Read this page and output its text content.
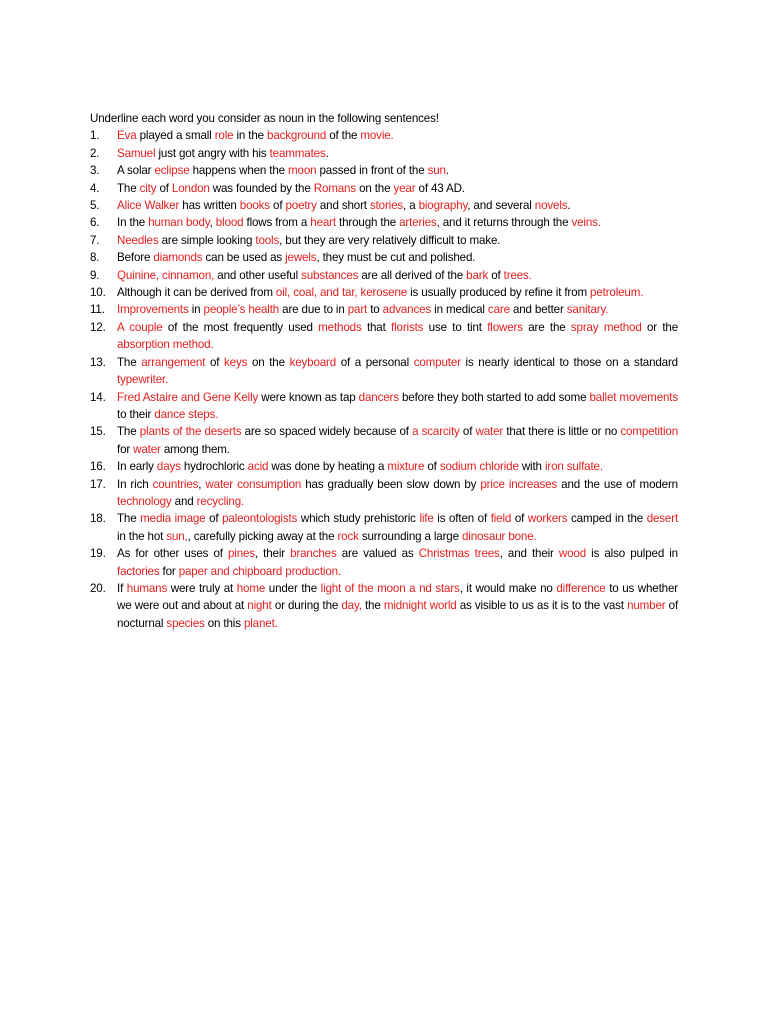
Underline each word you consider as noun in the following sentences!

1. Eva played a small role in the background of the movie.
2. Samuel just got angry with his teammates.
3. A solar eclipse happens when the moon passed in front of the sun.
4. The city of London was founded by the Romans on the year of 43 AD.
5. Alice Walker has written books of poetry and short stories, a biography, and several novels.
6. In the human body, blood flows from a heart through the arteries, and it returns through the veins.
7. Needles are simple looking tools, but they are very relatively difficult to make.
8. Before diamonds can be used as jewels, they must be cut and polished.
9. Quinine, cinnamon, and other useful substances are all derived of the bark of trees.
10. Although it can be derived from oil, coal, and tar, kerosene is usually produced by refine it from petroleum.
11. Improvements in people’s health are due to in part to advances in medical care and better sanitary.
12. A couple of the most frequently used methods that florists use to tint flowers are the spray method or the absorption method.
13. The arrangement of keys on the keyboard of a personal computer is nearly identical to those on a standard typewriter.
14. Fred Astaire and Gene Kelly were known as tap dancers before they both started to add some ballet movements to their dance steps.
15. The plants of the deserts are so spaced widely because of a scarcity of water that there is little or no competition for water among them.
16. In early days hydrochloric acid was done by heating a mixture of sodium chloride with iron sulfate.
17. In rich countries, water consumption has gradually been slow down by price increases and the use of modern technology and recycling.
18. The media image of paleontologists which study prehistoric life is often of field of workers camped in the desert in the hot sun,, carefully picking away at the rock surrounding a large dinosaur bone.
19. As for other uses of pines, their branches are valued as Christmas trees, and their wood is also pulped in factories for paper and chipboard production.
20. If humans were truly at home under the light of the moon a nd stars, it would make no difference to us whether we were out and about at night or during the day, the midnight world as visible to us as it is to the vast number of nocturnal species on this planet.
